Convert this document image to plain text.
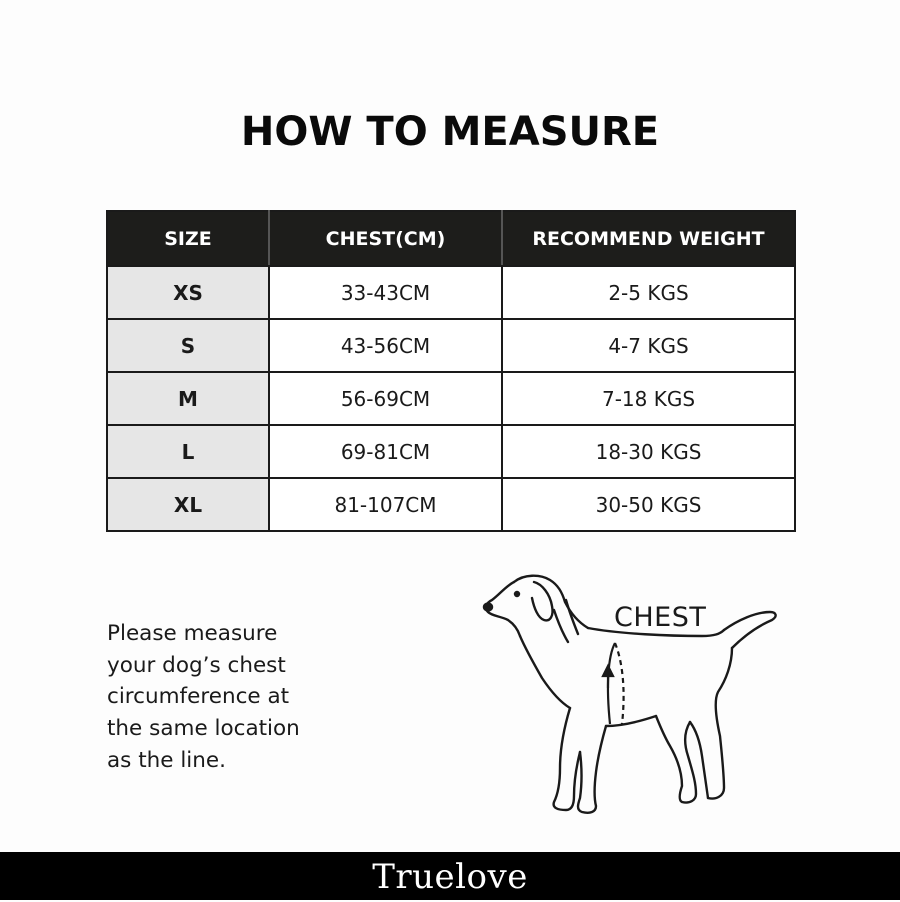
HOW TO MEASURE
SIZE	CHEST(CM)	RECOMMEND WEIGHT
XS	33-43CM	2-5 KGS
S	43-56CM	4-7 KGS
M	56-69CM	7-18 KGS
L	69-81CM	18-30 KGS
XL	81-107CM	30-50 KGS
Please measure
your dog’s chest
circumference at
the same location
as the line.
CHEST
Truelove
